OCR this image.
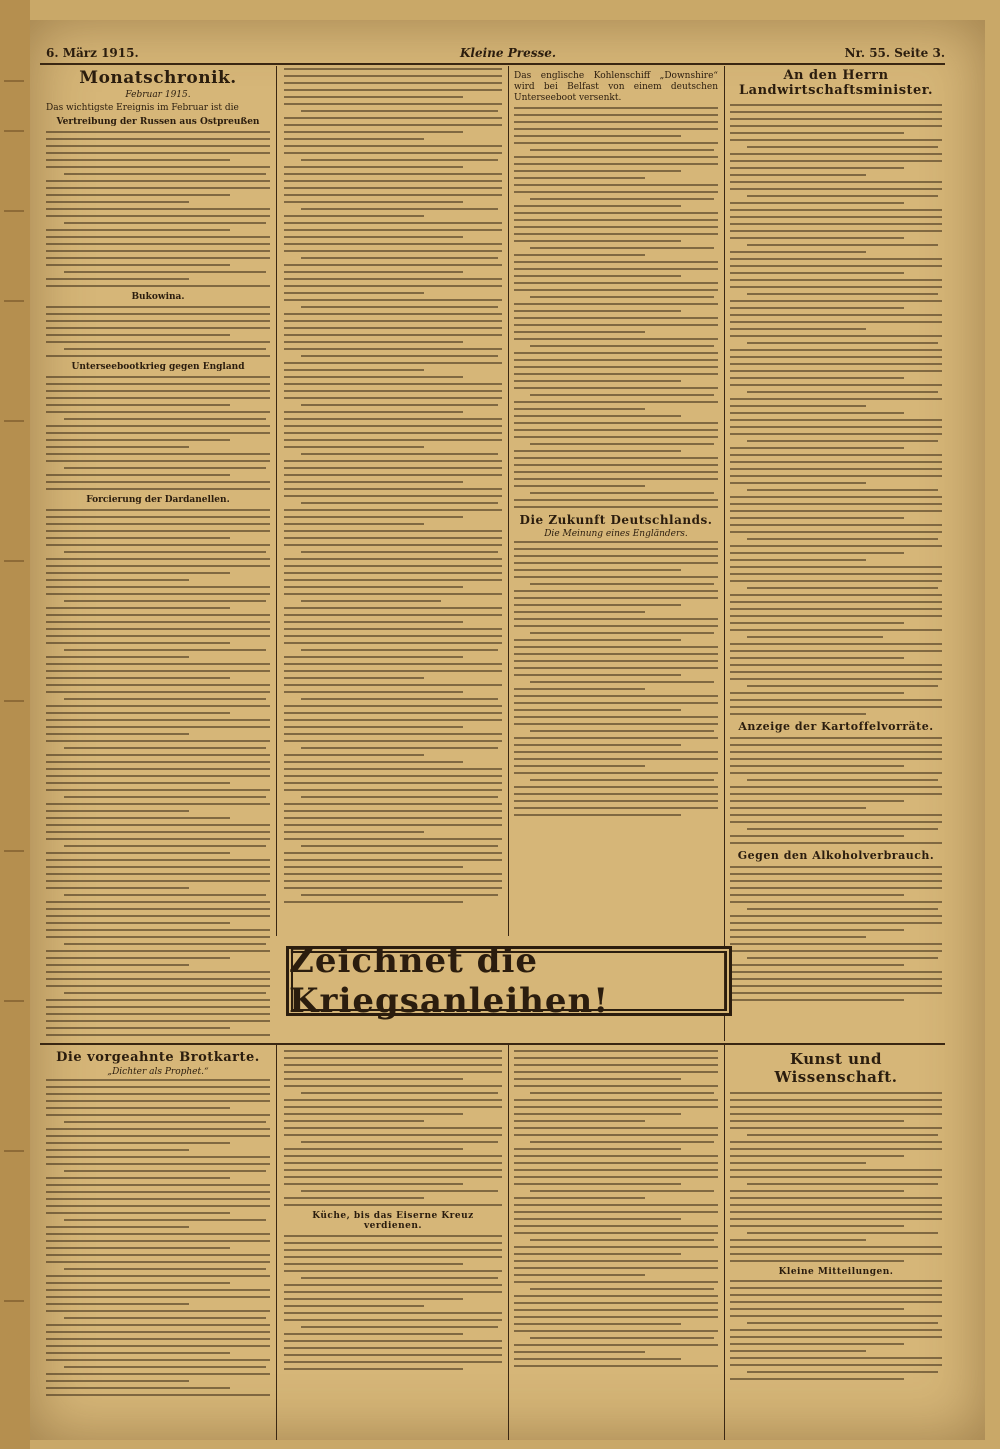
6. März 1915.	Kleine Presse.	Nr. 55. Seite 3.
Monatschronik.
Februar 1915.
Das wichtigste Ereignis im Februar ist die
Vertreibung der Russen aus Ostpreußen
Bukowina.
Unterseebootkrieg gegen England
Forcierung der Dardanellen.
Das englische Kohlenschiff „Downshire“ wird bei Belfast von einem deutschen Unterseeboot versenkt.
Die Zukunft Deutschlands.
Die Meinung eines Engländers.
An den Herrn Landwirtschaftsminister.
Anzeige der Kartoffelvorräte.
Gegen den Alkoholverbrauch.
Zeichnet die Kriegsanleihen!
Die vorgeahnte Brotkarte.
„Dichter als Prophet.“
Küche, bis das Eiserne Kreuz verdienen.
Kunst und Wissenschaft.
Kleine Mitteilungen.
